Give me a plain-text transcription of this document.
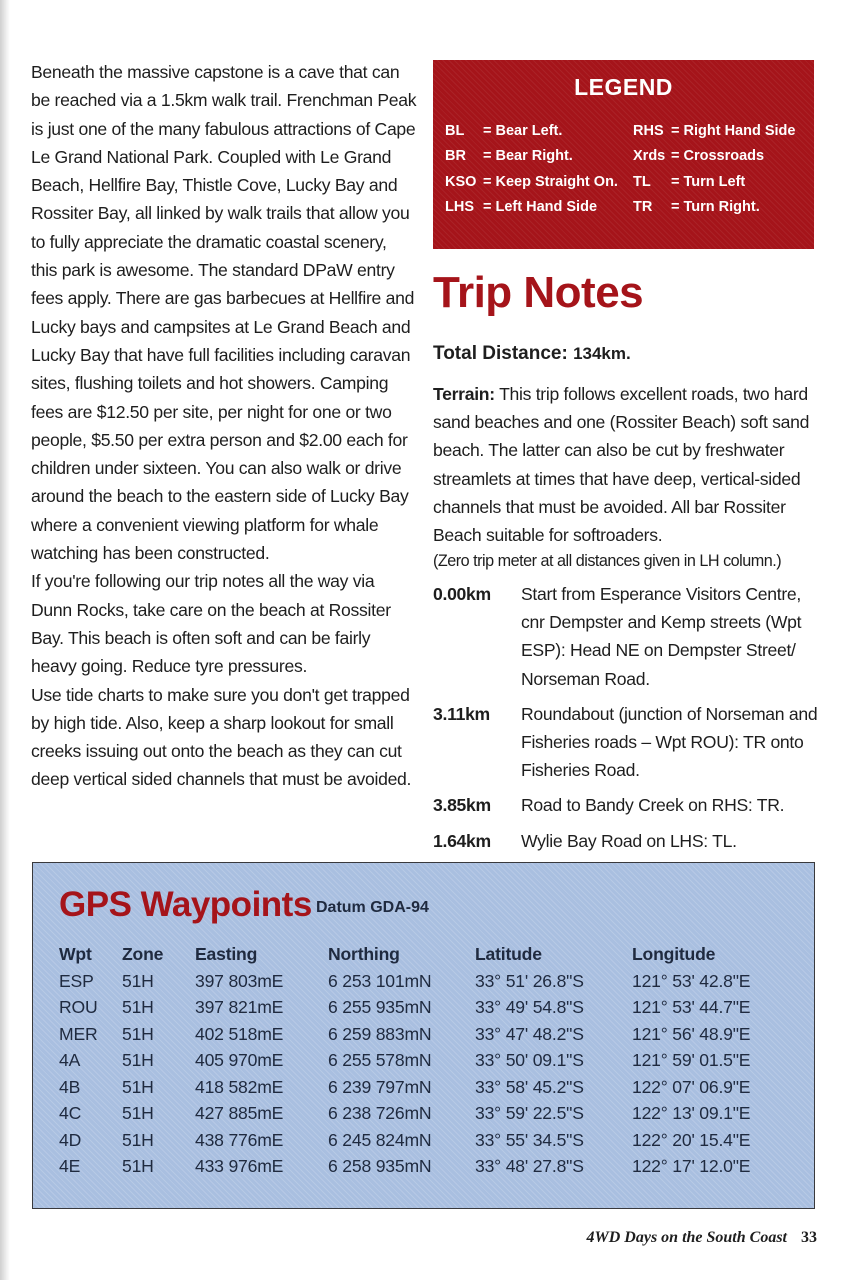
Beneath the massive capstone is a cave that can be reached via a 1.5km walk trail. Frenchman Peak is just one of the many fabulous attractions of Cape Le Grand National Park. Coupled with Le Grand Beach, Hellfire Bay, Thistle Cove, Lucky Bay and Rossiter Bay, all linked by walk trails that allow you to fully appreciate the dramatic coastal scenery, this park is awesome. The standard DPaW entry fees apply. There are gas barbecues at Hellfire and Lucky bays and campsites at Le Grand Beach and Lucky Bay that have full facilities including caravan sites, flushing toilets and hot showers. Camping fees are $12.50 per site, per night for one or two people, $5.50 per extra person and $2.00 each for children under sixteen. You can also walk or drive around the beach to the eastern side of Lucky Bay where a convenient viewing platform for whale watching has been constructed.

If you're following our trip notes all the way via Dunn Rocks, take care on the beach at Rossiter Bay. This beach is often soft and can be fairly heavy going. Reduce tyre pressures.

Use tide charts to make sure you don't get trapped by high tide. Also, keep a sharp lookout for small creeks issuing out onto the beach as they can cut deep vertical sided channels that must be avoided.

LEGEND
BL	= Bear Left.	RHS = Right Hand Side
BR	= Bear Right.	Xrds = Crossroads
KSO = Keep Straight On.	TL	= Turn Left
LHS = Left Hand Side	TR	= Turn Right.
Trip Notes
Total Distance: 134km.

Terrain: This trip follows excellent roads, two hard sand beaches and one (Rossiter Beach) soft sand beach. The latter can also be cut by freshwater streamlets at times that have deep, vertical-sided channels that must be avoided. All bar Rossiter Beach suitable for softroaders.

(Zero trip meter at all distances given in LH column.)
0.00km	Start from Esperance Visitors Centre, cnr Dempster and Kemp streets (Wpt ESP): Head NE on Dempster Street/ Norseman Road.
3.11km	Roundabout (junction of Norseman and Fisheries roads – Wpt ROU): TR onto Fisheries Road.
3.85km	Road to Bandy Creek on RHS: TR.
1.64km	Wylie Bay Road on LHS: TL.
GPS Waypoints Datum GDA-94
Wpt	Zone	Easting	Northing	Latitude	Longitude
ESP	51H	397 803mE	6 253 101mN	33° 51' 26.8"S	121° 53' 42.8"E
ROU	51H	397 821mE	6 255 935mN	33° 49' 54.8"S	121° 53' 44.7"E
MER	51H	402 518mE	6 259 883mN	33° 47' 48.2"S	121° 56' 48.9"E
4A	51H	405 970mE	6 255 578mN	33° 50' 09.1"S	121° 59' 01.5"E
4B	51H	418 582mE	6 239 797mN	33° 58' 45.2"S	122° 07' 06.9"E
4C	51H	427 885mE	6 238 726mN	33° 59' 22.5"S	122° 13' 09.1"E
4D	51H	438 776mE	6 245 824mN	33° 55' 34.5"S	122° 20' 15.4"E
4E	51H	433 976mE	6 258 935mN	33° 48' 27.8"S	122° 17' 12.0"E
4WD Days on the South Coast 33
